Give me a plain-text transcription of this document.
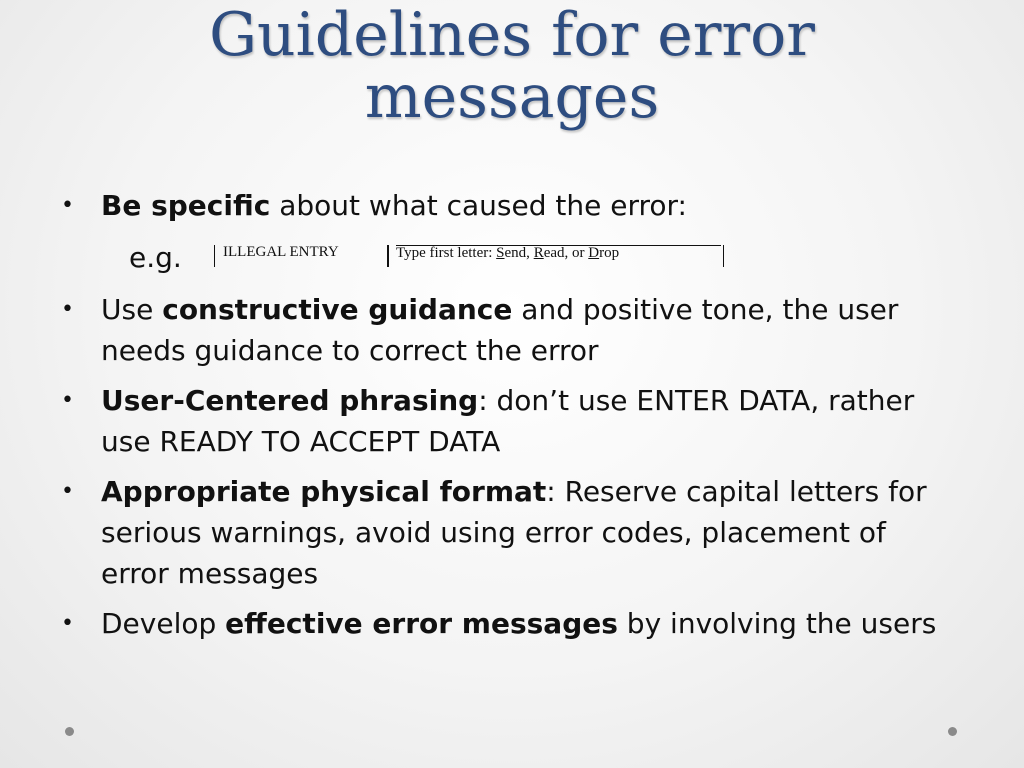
Guidelines for error
messages
• Be specific about what caused the error:
e.g.	ILLEGAL ENTRY	Type first letter: Send, Read, or Drop
• Use constructive guidance and positive tone, the user needs guidance to correct the error
• User-Centered phrasing: don’t use ENTER DATA, rather use READY TO ACCEPT DATA
• Appropriate physical format: Reserve capital letters for serious warnings, avoid using error codes, placement of error messages
• Develop effective error messages by involving the users
